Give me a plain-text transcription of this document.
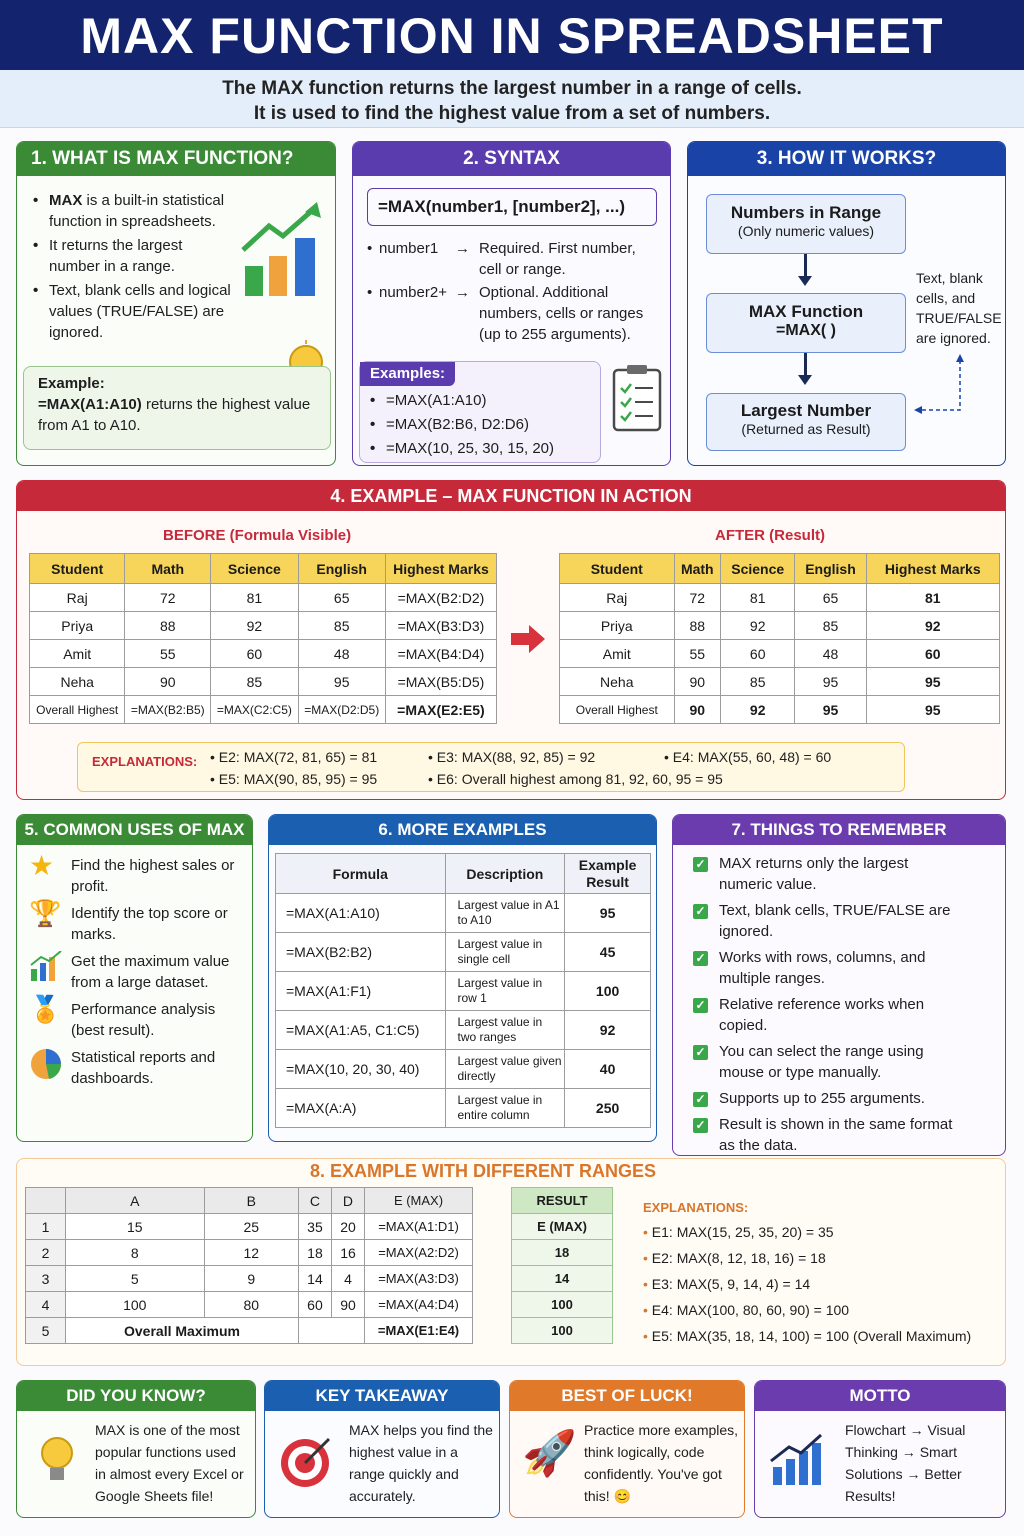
MAX FUNCTION IN SPREADSHEET
The MAX function returns the largest number in a range of cells.
It is used to find the highest value from a set of numbers.
1. WHAT IS MAX FUNCTION?
• MAX is a built-in statistical function in spreadsheets.
• It returns the largest number in a range.
• Text, blank cells and logical values (TRUE/FALSE) are ignored.
Example:
=MAX(A1:A10) returns the highest value from A1 to A10.
2. SYNTAX
=MAX(number1, [number2], ...)
• number1	→ Required. First number, cell or range.
• number2+ → Optional. Additional numbers, cells or ranges (up to 255 arguments).
Examples:
• =MAX(A1:A10)
• =MAX(B2:B6, D2:D6)
• =MAX(10, 25, 30, 15, 20)
3. HOW IT WORKS?
Numbers in Range
(Only numeric values)
MAX Function
=MAX( )
Largest Number
(Returned as Result)
Text, blank cells, and TRUE/FALSE are ignored.
4. EXAMPLE – MAX FUNCTION IN ACTION
BEFORE (Formula Visible)	AFTER (Result)
Student	Math	Science	English	Highest Marks
Raj	72	81	65	=MAX(B2:D2)
Priya	88	92	85	=MAX(B3:D3)
Amit	55	60	48	=MAX(B4:D4)
Neha	90	85	95	=MAX(B5:D5)
Overall Highest	=MAX(B2:B5)	=MAX(C2:C5)	=MAX(D2:D5)	=MAX(E2:E5)
Student	Math	Science	English	Highest Marks
Raj	72	81	65	81
Priya	88	92	85	92
Amit	55	60	48	60
Neha	90	85	95	95
Overall Highest	90	92	95	95
EXPLANATIONS: • E2: MAX(72, 81, 65) = 81	• E3: MAX(88, 92, 85) = 92	• E4: MAX(55, 60, 48) = 60
• E5: MAX(90, 85, 95) = 95	• E6: Overall highest among 81, 92, 60, 95 = 95
5. COMMON USES OF MAX
★	Find the highest sales or profit.
🏆 Identify the top score or marks.
Get the maximum value from a large dataset.
🏅 Performance analysis (best result).
Statistical reports and dashboards.
6. MORE EXAMPLES
Formula	Description	Example Result
=MAX(A1:A10)	Largest value in A1 to A10	95
=MAX(B2:B2)	Largest value in single cell	45
=MAX(A1:F1)	Largest value in row 1	100
=MAX(A1:A5, C1:C5)	Largest value in two ranges	92
=MAX(10, 20, 30, 40)	Largest value given directly	40
=MAX(A:A)	Largest value in entire column	250
7. THINGS TO REMEMBER
✓ MAX returns only the largest numeric value.
✓ Text, blank cells, TRUE/FALSE are ignored.
✓ Works with rows, columns, and multiple ranges.
✓ Relative reference works when copied.
✓ You can select the range using mouse or type manually.
✓ Supports up to 255 arguments.
✓ Result is shown in the same format as the data.
8. EXAMPLE WITH DIFFERENT RANGES
	A	B	C	D	E (MAX)
1	15	25	35	20	=MAX(A1:D1)
2	8	12	18	16	=MAX(A2:D2)
3	5	9	14	4	=MAX(A3:D3)
4	100	80	60	90	=MAX(A4:D4)
5	Overall Maximum				=MAX(E1:E4)
RESULT
E (MAX)
18
14
100
100
EXPLANATIONS:
• E1: MAX(15, 25, 35, 20) = 35
• E2: MAX(8, 12, 18, 16) = 18
• E3: MAX(5, 9, 14, 4) = 14
• E4: MAX(100, 80, 60, 90) = 100
• E5: MAX(35, 18, 14, 100) = 100 (Overall Maximum)
DID YOU KNOW?
MAX is one of the most popular functions used in almost every Excel or Google Sheets file!
KEY TAKEAWAY
MAX helps you find the highest value in a range quickly and accurately.
BEST OF LUCK!
🚀 Practice more examples, think logically, code confidently. You've got this! 😊
MOTTO
Flowchart → Visual Thinking → Smart Solutions → Better Results!
